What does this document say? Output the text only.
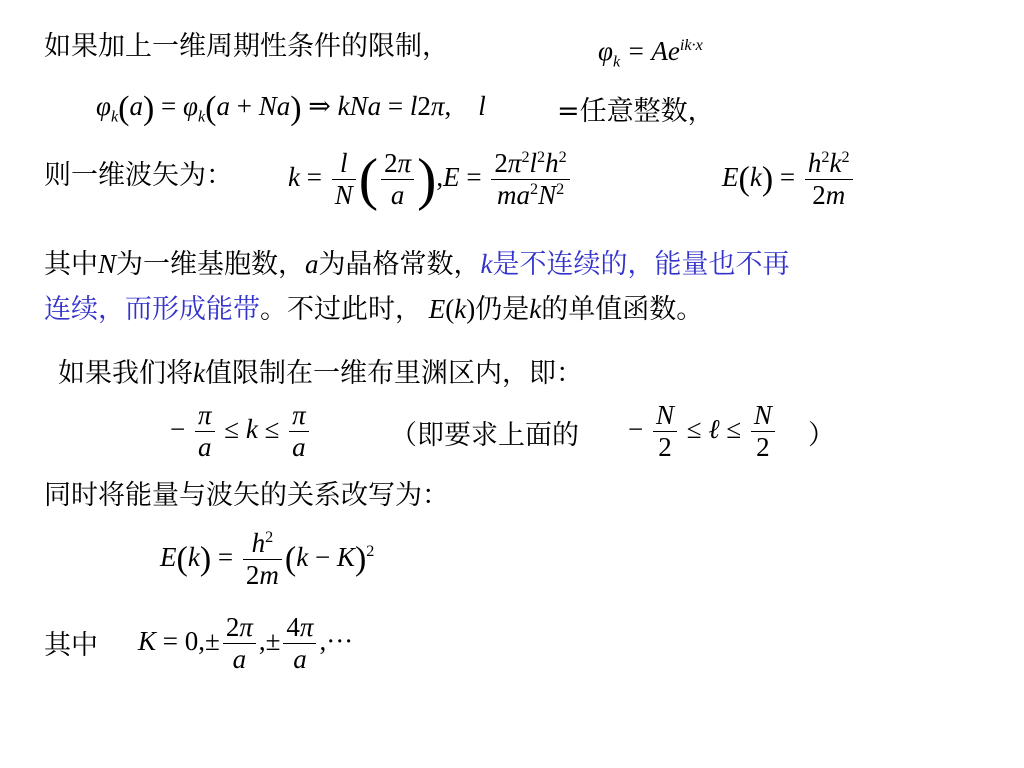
如果加上一维周期性条件的限制，	$\varphi_k = Ae^{ik\cdot x}$
$\varphi_k(a) = \varphi_k(a + Na)$ ⇒ kNa = l2π,    l	=任意整数，
则一维波矢为： $k = \frac{l}{N}$ ( $\frac{2\pi}{a} ),E = \frac{2\pi^2l^2h^2}{ma^2N^2}$	$E(k) = \frac{h^2k^2}{2m}$
其中N为一维基胞数，a为晶格常数，k是不连续的，能量也不再
连续，而形成能带。不过此时， E(k)仍是k的单值函数。
如果我们将k值限制在一维布里渊区内，即：
− $\frac{\pi}{a} \le k \le \frac{\pi}{a}$	（即要求上面的 − $\frac{N}{2}$ ≤ ℓ ≤ $\frac{N}{2}$ ）
同时将能量与波矢的关系改写为：
$E(k) = \frac{h^2}{2m} (k - K)^2$
其中 $K = 0,\pm \frac{2\pi}{a}$ ,± $\frac{4\pi}{a}$ ,···
